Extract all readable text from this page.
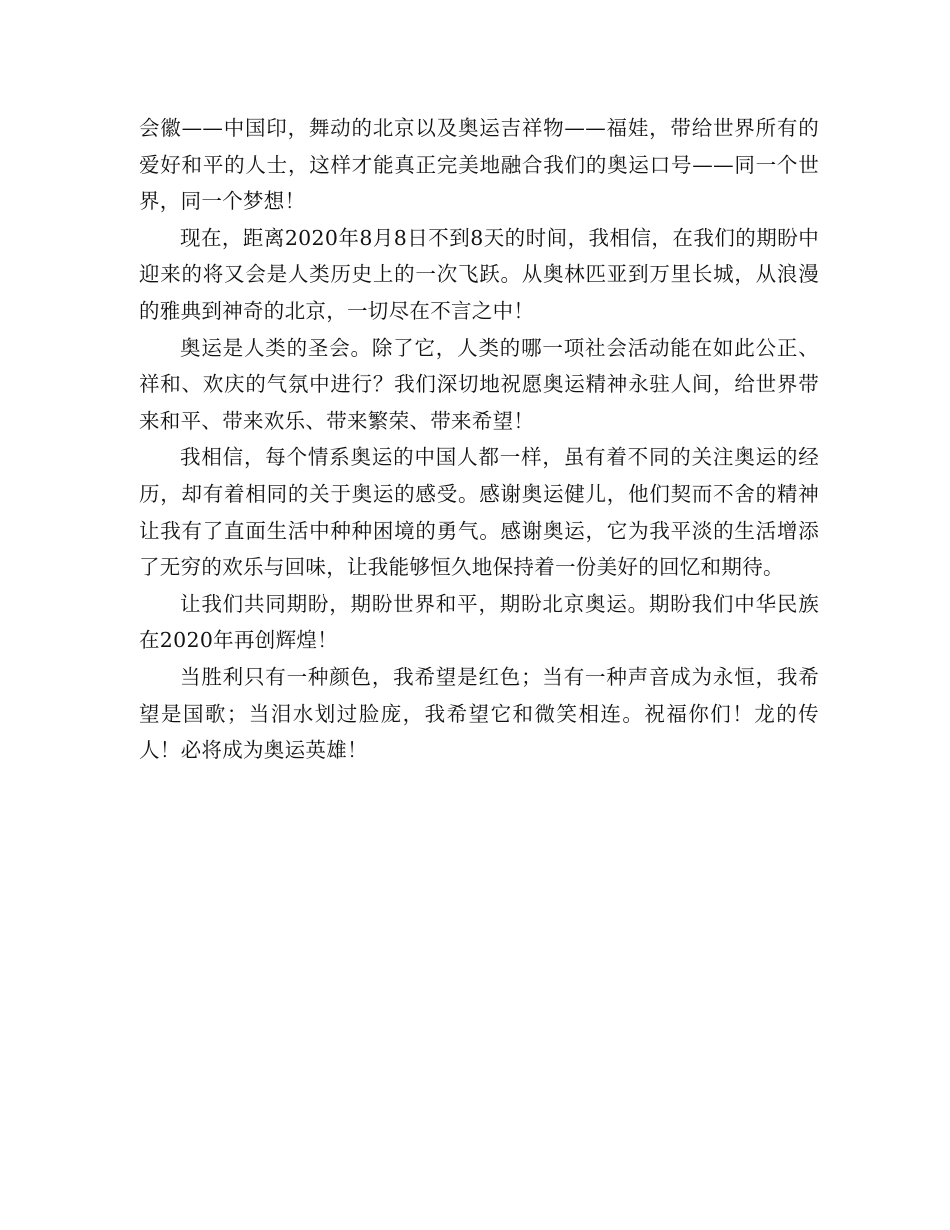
会徽——中国印，舞动的北京以及奥运吉祥物——福娃，带给世界所有的爱好和平的人士，这样才能真正完美地融合我们的奥运口号——同一个世界，同一个梦想！

现在，距离2020年8月8日不到8天的时间，我相信，在我们的期盼中迎来的将又会是人类历史上的一次飞跃。从奥林匹亚到万里长城，从浪漫的雅典到神奇的北京，一切尽在不言之中！

奥运是人类的圣会。除了它，人类的哪一项社会活动能在如此公正、祥和、欢庆的气氛中进行？我们深切地祝愿奥运精神永驻人间，给世界带来和平、带来欢乐、带来繁荣、带来希望！

我相信，每个情系奥运的中国人都一样，虽有着不同的关注奥运的经历，却有着相同的关于奥运的感受。感谢奥运健儿，他们契而不舍的精神让我有了直面生活中种种困境的勇气。感谢奥运，它为我平淡的生活增添了无穷的欢乐与回味，让我能够恒久地保持着一份美好的回忆和期待。

让我们共同期盼，期盼世界和平，期盼北京奥运。期盼我们中华民族在2020年再创辉煌！

当胜利只有一种颜色，我希望是红色；当有一种声音成为永恒，我希望是国歌；当泪水划过脸庞，我希望它和微笑相连。祝福你们！龙的传人！必将成为奥运英雄！
